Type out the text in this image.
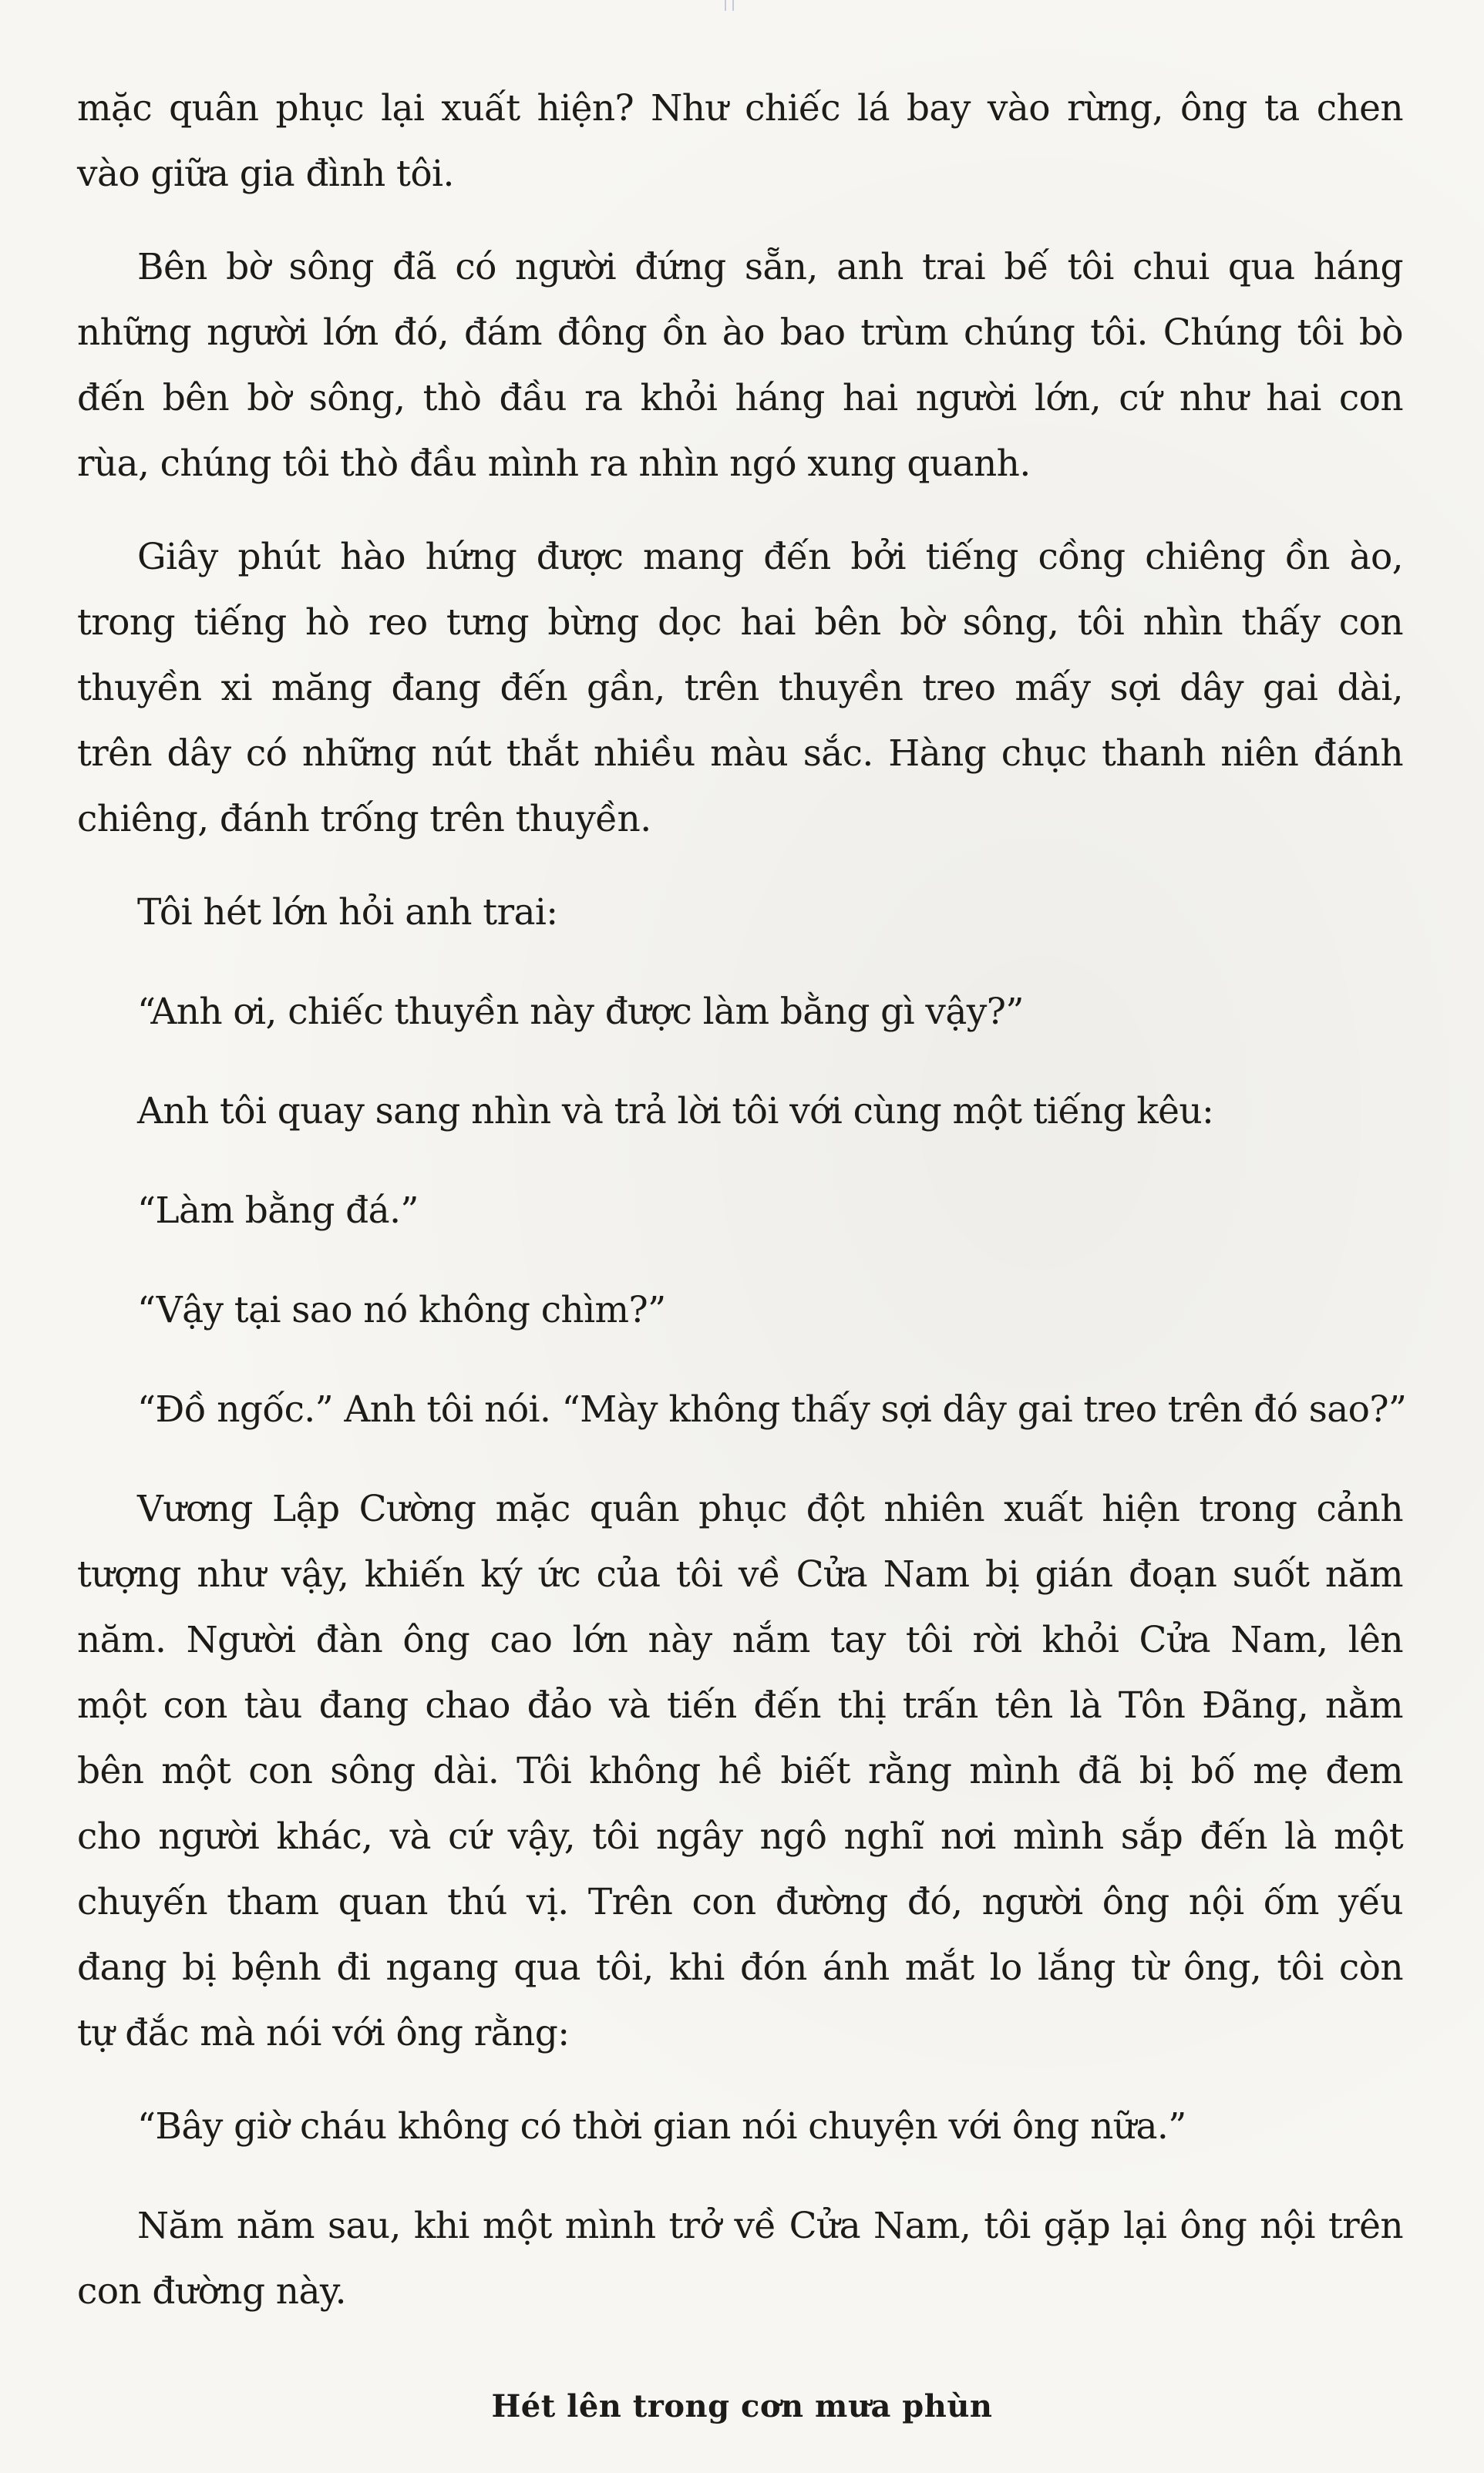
mặc quân phục lại xuất hiện? Như chiếc lá bay vào rừng, ông ta chen
vào giữa gia đình tôi.

Bên bờ sông đã có người đứng sẵn, anh trai bế tôi chui qua háng
những người lớn đó, đám đông ồn ào bao trùm chúng tôi. Chúng tôi bò
đến bên bờ sông, thò đầu ra khỏi háng hai người lớn, cứ như hai con
rùa, chúng tôi thò đầu mình ra nhìn ngó xung quanh.

Giây phút hào hứng được mang đến bởi tiếng cồng chiêng ồn ào,
trong tiếng hò reo tưng bừng dọc hai bên bờ sông, tôi nhìn thấy con
thuyền xi măng đang đến gần, trên thuyền treo mấy sợi dây gai dài,
trên dây có những nút thắt nhiều màu sắc. Hàng chục thanh niên đánh
chiêng, đánh trống trên thuyền.

Tôi hét lớn hỏi anh trai:

“Anh ơi, chiếc thuyền này được làm bằng gì vậy?”

Anh tôi quay sang nhìn và trả lời tôi với cùng một tiếng kêu:

“Làm bằng đá.”

“Vậy tại sao nó không chìm?”

“Đồ ngốc.” Anh tôi nói. “Mày không thấy sợi dây gai treo trên đó sao?”

Vương Lập Cường mặc quân phục đột nhiên xuất hiện trong cảnh
tượng như vậy, khiến ký ức của tôi về Cửa Nam bị gián đoạn suốt năm
năm. Người đàn ông cao lớn này nắm tay tôi rời khỏi Cửa Nam, lên
một con tàu đang chao đảo và tiến đến thị trấn tên là Tôn Đãng, nằm
bên một con sông dài. Tôi không hề biết rằng mình đã bị bố mẹ đem
cho người khác, và cứ vậy, tôi ngây ngô nghĩ nơi mình sắp đến là một
chuyến tham quan thú vị. Trên con đường đó, người ông nội ốm yếu
đang bị bệnh đi ngang qua tôi, khi đón ánh mắt lo lắng từ ông, tôi còn
tự đắc mà nói với ông rằng:

“Bây giờ cháu không có thời gian nói chuyện với ông nữa.”

Năm năm sau, khi một mình trở về Cửa Nam, tôi gặp lại ông nội trên
con đường này.

Hét lên trong cơn mưa phùn
